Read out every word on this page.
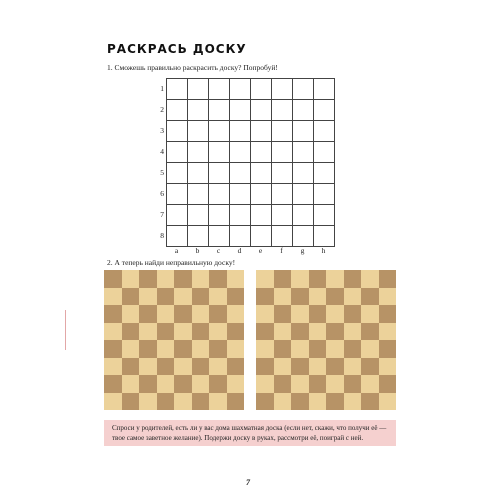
РАСКРАСЬ ДОСКУ
1. Сможешь правильно раскрасить доску? Попробуй!
1
2
3
4
5
6
7
8
a	b	c	d	e	f	g	h
2. А теперь найди неправильную доску!
Спроси у родителей, есть ли у вас дома шахматная доска (если нет, скажи, что получи её — твое самое заветное желание). Подержи доску в руках, рассмотри её, поиграй с ней.
7
